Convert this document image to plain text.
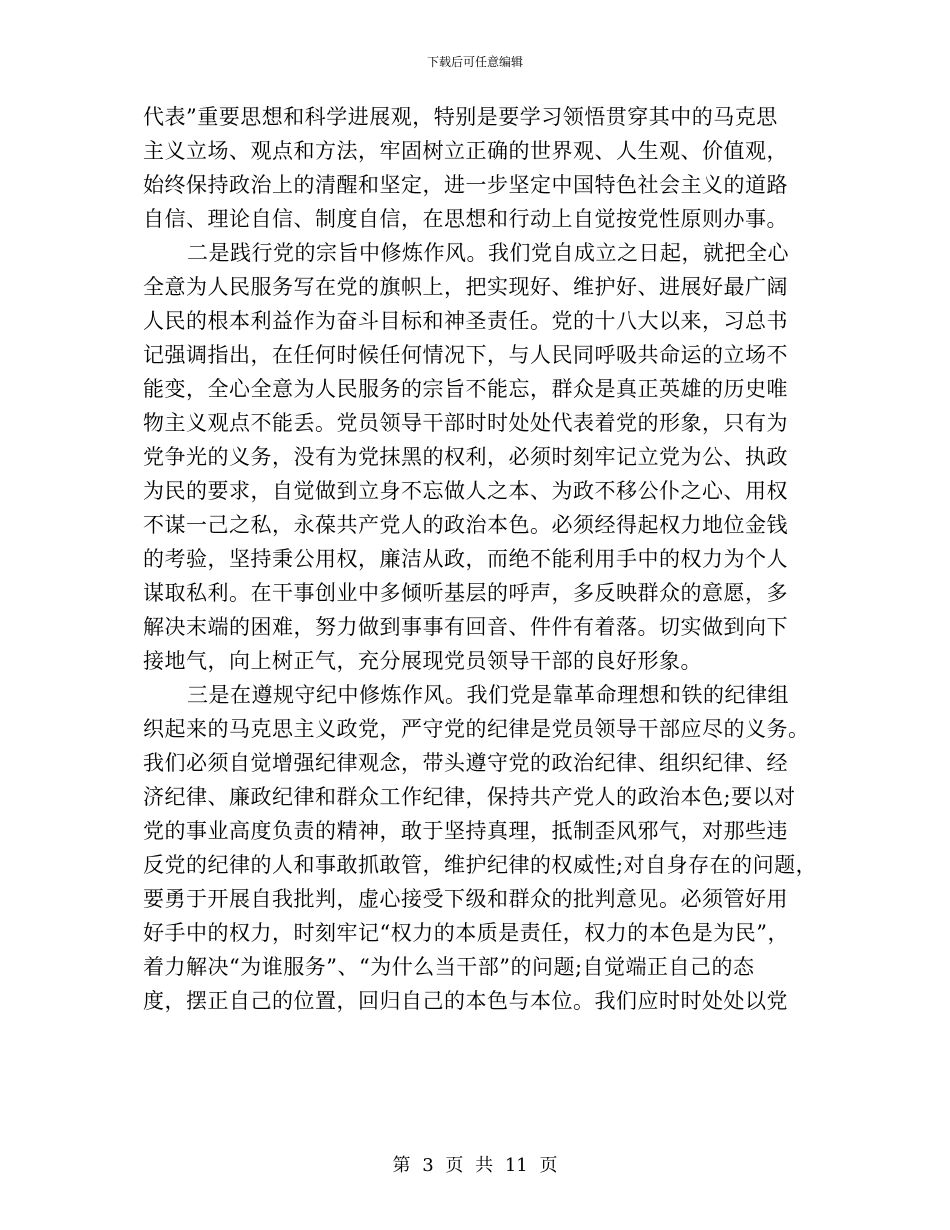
下载后可任意编辑
代表”重要思想和科学进展观，特别是要学习领悟贯穿其中的马克思
主义立场、观点和方法，牢固树立正确的世界观、人生观、价值观，
始终保持政治上的清醒和坚定，进一步坚定中国特色社会主义的道路
自信、理论自信、制度自信，在思想和行动上自觉按党性原则办事。
二是践行党的宗旨中修炼作风。我们党自成立之日起，就把全心
全意为人民服务写在党的旗帜上，把实现好、维护好、进展好最广阔
人民的根本利益作为奋斗目标和神圣责任。党的十八大以来，习总书
记强调指出，在任何时候任何情况下，与人民同呼吸共命运的立场不
能变，全心全意为人民服务的宗旨不能忘，群众是真正英雄的历史唯
物主义观点不能丢。党员领导干部时时处处代表着党的形象，只有为
党争光的义务，没有为党抹黑的权利，必须时刻牢记立党为公、执政
为民的要求，自觉做到立身不忘做人之本、为政不移公仆之心、用权
不谋一己之私，永葆共产党人的政治本色。必须经得起权力地位金钱
的考验，坚持秉公用权，廉洁从政，而绝不能利用手中的权力为个人
谋取私利。在干事创业中多倾听基层的呼声，多反映群众的意愿，多
解决末端的困难，努力做到事事有回音、件件有着落。切实做到向下
接地气，向上树正气，充分展现党员领导干部的良好形象。
三是在遵规守纪中修炼作风。我们党是靠革命理想和铁的纪律组
织起来的马克思主义政党，严守党的纪律是党员领导干部应尽的义务。
我们必须自觉增强纪律观念，带头遵守党的政治纪律、组织纪律、经
济纪律、廉政纪律和群众工作纪律，保持共产党人的政治本色;要以对
党的事业高度负责的精神，敢于坚持真理，抵制歪风邪气，对那些违
反党的纪律的人和事敢抓敢管，维护纪律的权威性;对自身存在的问题，
要勇于开展自我批判，虚心接受下级和群众的批判意见。必须管好用
好手中的权力，时刻牢记“权力的本质是责任，权力的本色是为民”，
着力解决“为谁服务”、“为什么当干部”的问题;自觉端正自己的态
度，摆正自己的位置，回归自己的本色与本位。我们应时时处处以党
第 3 页 共 11 页
